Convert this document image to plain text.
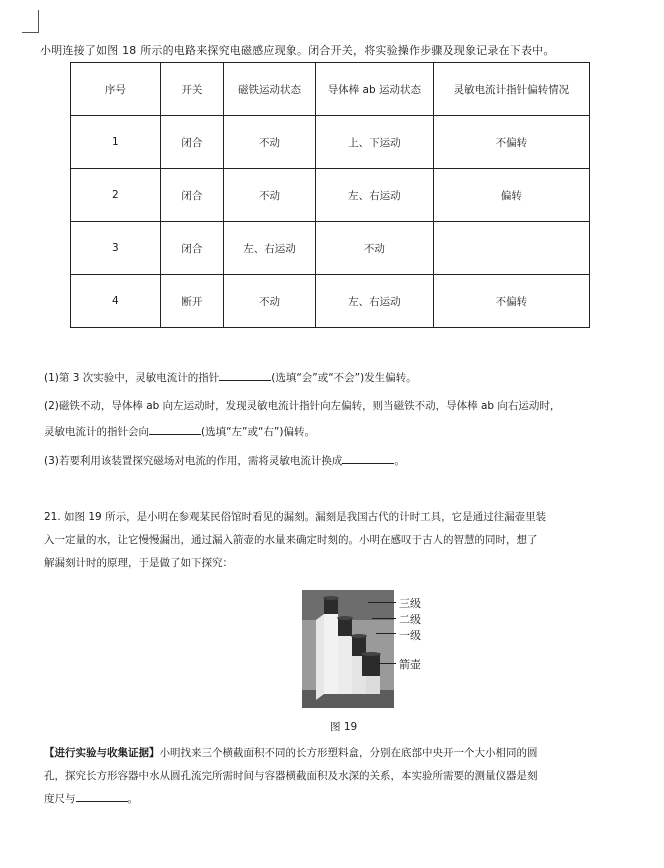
小明连接了如图 18 所示的电路来探究电磁感应现象。闭合开关，将实验操作步骤及现象记录在下表中。
序号	开关	磁铁运动状态	导体棒 ab 运动状态	灵敏电流计指针偏转情况
1	闭合	不动	上、下运动	不偏转
2	闭合	不动	左、右运动	偏转
3	闭合	左、右运动	不动	
4	断开	不动	左、右运动	不偏转
(1)第 3 次实验中，灵敏电流计的指针	(选填“会”或“不会”)发生偏转。
(2)磁铁不动，导体棒 ab 向左运动时，发现灵敏电流计指针向左偏转，则当磁铁不动，导体棒 ab 向右运动时，
灵敏电流计的指针会向	(选填“左”或“右”)偏转。
(3)若要利用该装置探究磁场对电流的作用，需将灵敏电流计换成	。
21. 如图 19 所示，是小明在参观某民俗馆时看见的漏刻。漏刻是我国古代的计时工具，它是通过往漏壶里装
入一定量的水，让它慢慢漏出，通过漏入箭壶的水量来确定时刻的。小明在感叹于古人的智慧的同时，想了
解漏刻计时的原理，于是做了如下探究：
三级
二级
一级
箭壶
图 19
【进行实验与收集证据】小明找来三个横截面积不同的长方形塑料盒，分别在底部中央开一个大小相同的圆
孔，探究长方形容器中水从圆孔流完所需时间与容器横截面积及水深的关系，本实验所需要的测量仪器是刻
度尺与	。
